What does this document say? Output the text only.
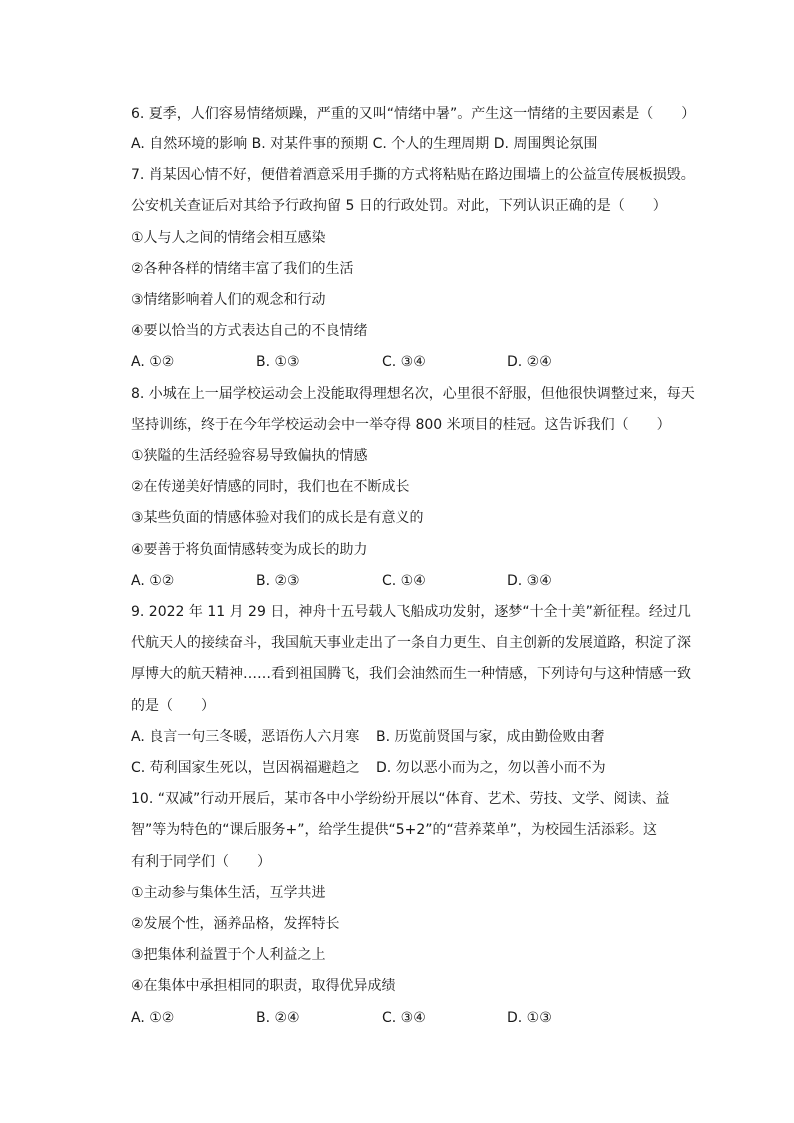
6. 夏季，人们容易情绪烦躁，严重的又叫“情绪中暑”。产生这一情绪的主要因素是（　　）
A. 自然环境的影响 B. 对某件事的预期 C. 个人的生理周期 D. 周围舆论氛围
7. 肖某因心情不好，便借着酒意采用手撕的方式将粘贴在路边围墙上的公益宣传展板损毁。
公安机关查证后对其给予行政拘留 5 日的行政处罚。对此，下列认识正确的是（　　）
①人与人之间的情绪会相互感染
②各种各样的情绪丰富了我们的生活
③情绪影响着人们的观念和行动
④要以恰当的方式表达自己的不良情绪
A. ①②	B. ①③	C. ③④	D. ②④
8. 小城在上一届学校运动会上没能取得理想名次，心里很不舒服，但他很快调整过来，每天
坚持训练，终于在今年学校运动会中一举夺得 800 米项目的桂冠。这告诉我们（　　）
①狭隘的生活经验容易导致偏执的情感
②在传递美好情感的同时，我们也在不断成长
③某些负面的情感体验对我们的成长是有意义的
④要善于将负面情感转变为成长的助力
A. ①②	B. ②③	C. ①④	D. ③④
9. 2022 年 11 月 29 日，神舟十五号载人飞船成功发射，逐梦“十全十美”新征程。经过几
代航天人的接续奋斗，我国航天事业走出了一条自力更生、自主创新的发展道路，积淀了深
厚博大的航天精神……看到祖国腾飞，我们会油然而生一种情感，下列诗句与这种情感一致
的是（　　）
A. 良言一句三冬暖，恶语伤人六月寒 B. 历览前贤国与家，成由勤俭败由奢
C. 苟利国家生死以，岂因祸福避趋之 D. 勿以恶小而为之，勿以善小而不为
10. “双减”行动开展后，某市各中小学纷纷开展以“体育、艺术、劳技、文学、阅读、益
智”等为特色的“课后服务+”，给学生提供“5+2”的“营养菜单”，为校园生活添彩。这
有利于同学们（　　）
①主动参与集体生活，互学共进
②发展个性，涵养品格，发挥特长
③把集体利益置于个人利益之上
④在集体中承担相同的职责，取得优异成绩
A. ①②	B. ②④	C. ③④	D. ①③
